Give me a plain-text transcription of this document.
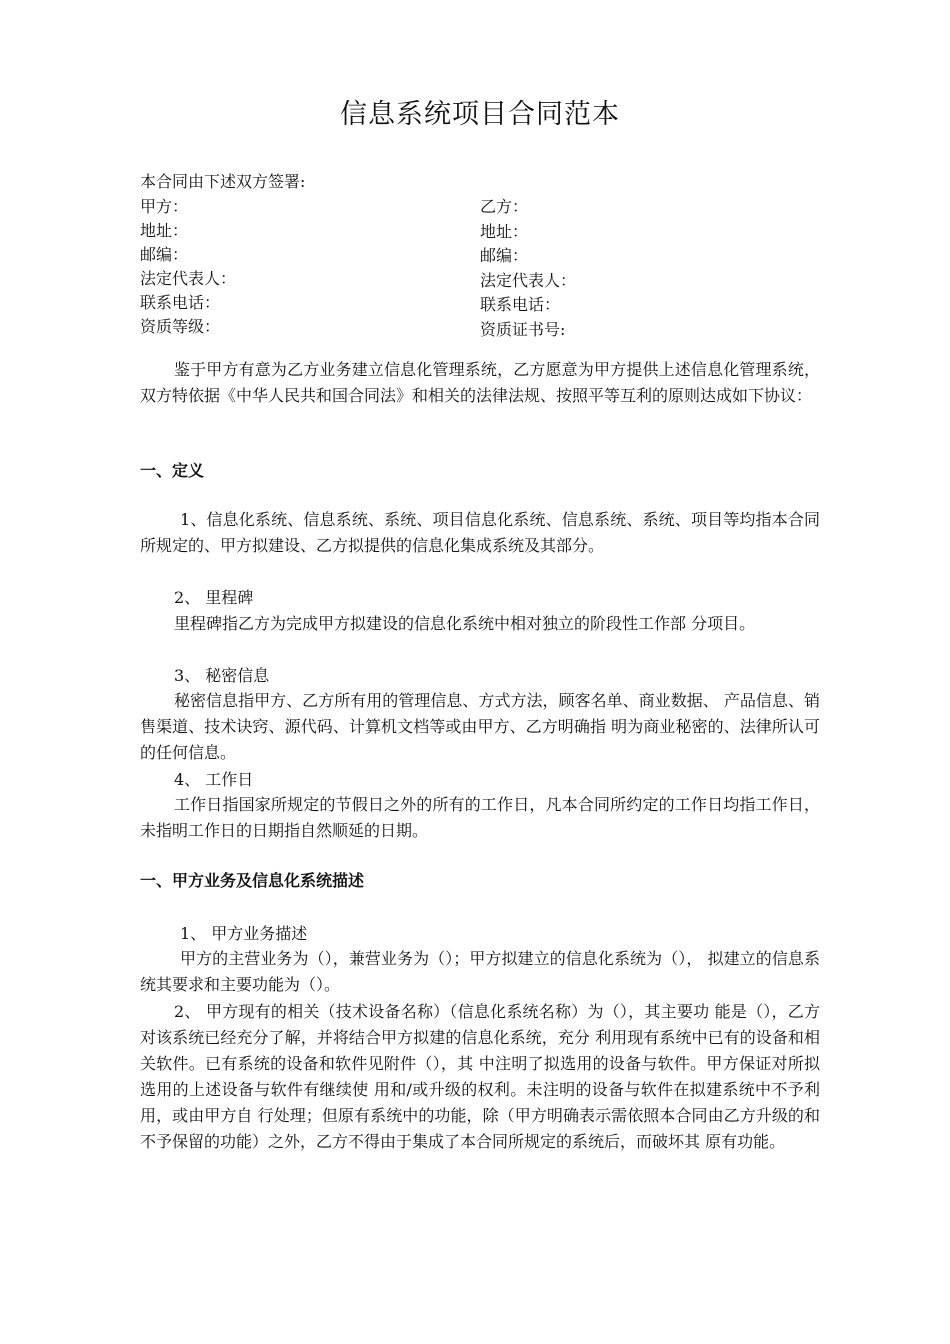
信息系统项目合同范本
本合同由下述双方签署:
甲方：
地址：
邮编：
法定代表人：
联系电话：
资质等级：
乙方：
地址：
邮编：
法定代表人：
联系电话：
资质证书号:

鉴于甲方有意为乙方业务建立信息化管理系统，乙方愿意为甲方提供上述信息化管理系统，双方特依据《中华人民共和国合同法》和相关的法律法规、按照平等互利的原则达成如下协议：

一、定义

1、信息化系统、信息系统、系统、项目信息化系统、信息系统、系统、项目等均指本合同所规定的、甲方拟建设、乙方拟提供的信息化集成系统及其部分。

2、 里程碑

里程碑指乙方为完成甲方拟建设的信息化系统中相对独立的阶段性工作部 分项目。

3、 秘密信息

秘密信息指甲方、乙方所有用的管理信息、方式方法，顾客名单、商业数据、 产品信息、销售渠道、技术诀窍、源代码、计算机文档等或由甲方、乙方明确指 明为商业秘密的、法律所认可的任何信息。

4、 工作日

工作日指国家所规定的节假日之外的所有的工作日，凡本合同所约定的工作日均指工作日，未指明工作日的日期指自然顺延的日期。

一、甲方业务及信息化系统描述
1、 甲方业务描述

甲方的主营业务为（），兼营业务为（）；甲方拟建立的信息化系统为（）， 拟建立的信息系统其要求和主要功能为（）。

2、 甲方现有的相关（技术设备名称）（信息化系统名称）为（），其主要功 能是（），乙方对该系统已经充分了解，并将结合甲方拟建的信息化系统，充分 利用现有系统中已有的设备和相关软件。已有系统的设备和软件见附件（），其 中注明了拟选用的设备与软件。甲方保证对所拟选用的上述设备与软件有继续使 用和/或升级的权利。未注明的设备与软件在拟建系统中不予利用，或由甲方自 行处理；但原有系统中的功能，除（甲方明确表示需依照本合同由乙方升级的和 不予保留的功能）之外，乙方不得由于集成了本合同所规定的系统后，而破坏其 原有功能。
